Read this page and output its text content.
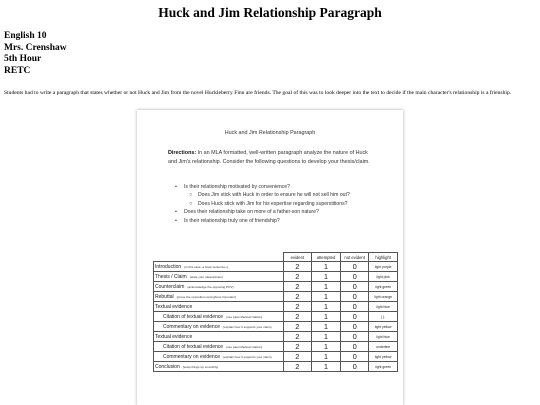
Huck and Jim Relationship Paragraph
English 10
Mrs. Crenshaw
5th Hour
RETC
Students had to write a paragraph that states whether or not Huck and Jim from the novel Huckleberry Finn are friends. The goal of this was to look deeper into the text to decide if the main character's relationship is a frienship.
Huck and Jim Relationship Paragraph
Directions: In an MLA formatted, well-written paragraph analyze the nature of Huck and Jim's relationship. Consider the following questions to develop your thesis/claim.
• Is their relationship motivated by convenience?
○ Does Jim stick with Huck in order to ensure he will not sell him out?
○ Does Huck stick with Jim for his expertise regarding superstitions?
• Does their relationship take on more of a father-son nature?
• Is their relationship truly one of friendship?
	evident	attempted	not evident	highlight
Introduction (in this case, a hook sentence+)	2	1	0	light purple
Thesis / Claim (state your idea/opinion)	2	1	0	light pink
Counterclaim (acknowledge the opposing POV)	2	1	0	light green
Rebuttal (prove the opposition wrong/less important)	2	1	0	light orange
Textual evidence	2	1	0	light blue
Citation of textual evidence (use parenthetical citation)	2	1	0	( ).
Commentary on evidence (explain how it supports your claim)	2	1	0	light yellow
Textual evidence	2	1	0	light blue
Citation of textual evidence (use parenthetical citation)	2	1	0	underline
Commentary on evidence (explain how it supports your claim)	2	1	0	light yellow
Conclusion (wrap things up smoothly)	2	1	0	light green
